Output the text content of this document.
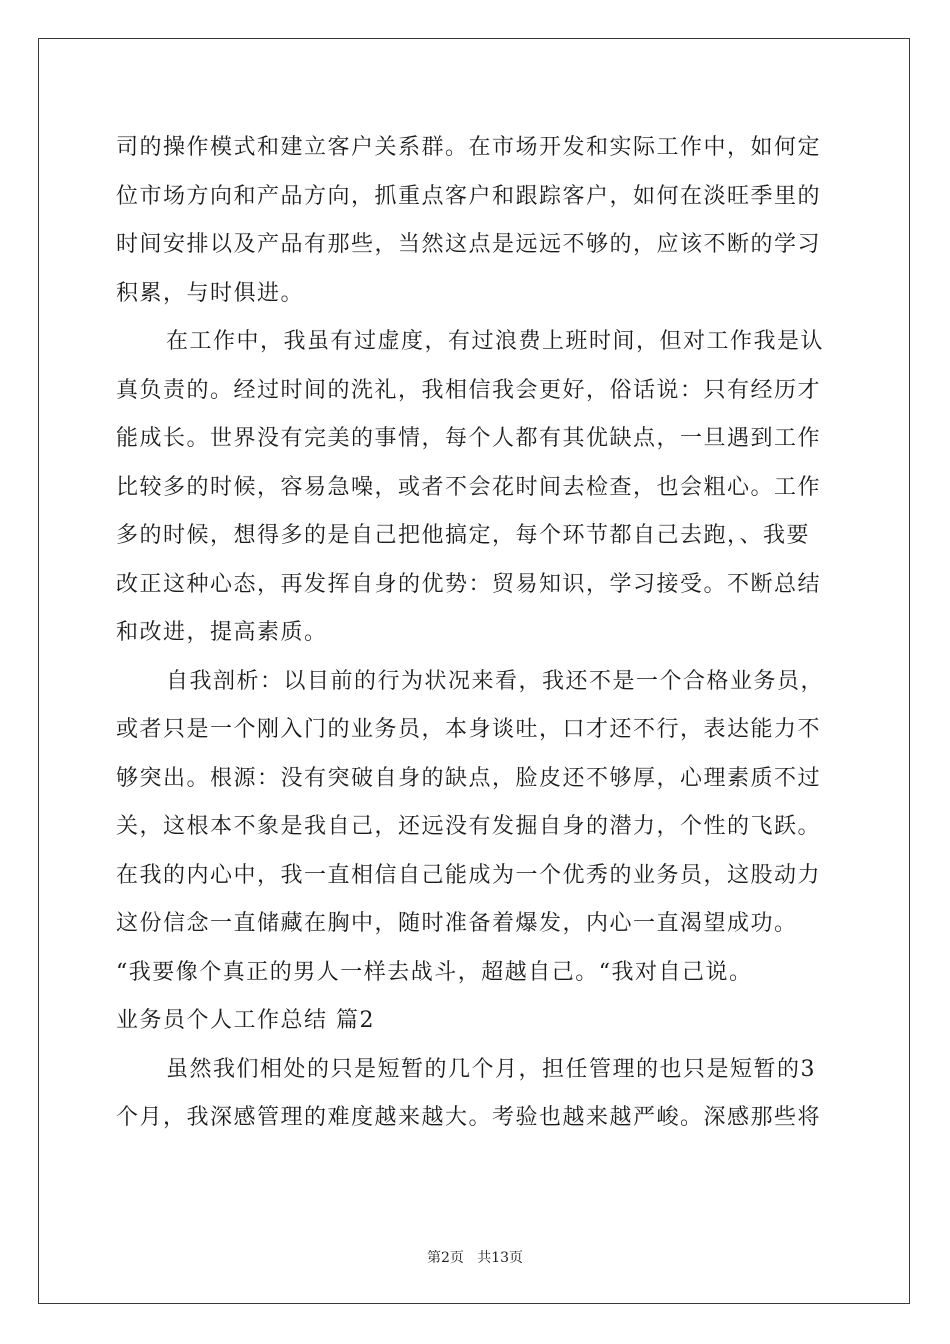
司的操作模式和建立客户关系群。在市场开发和实际工作中，如何定
位市场方向和产品方向，抓重点客户和跟踪客户，如何在淡旺季里的
时间安排以及产品有那些，当然这点是远远不够的，应该不断的学习
积累，与时俱进。
在工作中，我虽有过虚度，有过浪费上班时间，但对工作我是认
真负责的。经过时间的洗礼，我相信我会更好，俗话说：只有经历才
能成长。世界没有完美的事情，每个人都有其优缺点，一旦遇到工作
比较多的时候，容易急噪，或者不会花时间去检查，也会粗心。工作
多的时候，想得多的是自己把他搞定，每个环节都自己去跑，、我要
改正这种心态，再发挥自身的优势：贸易知识，学习接受。不断总结
和改进，提高素质。
自我剖析：以目前的行为状况来看，我还不是一个合格业务员，
或者只是一个刚入门的业务员，本身谈吐，口才还不行，表达能力不
够突出。根源：没有突破自身的缺点，脸皮还不够厚，心理素质不过
关，这根本不象是我自己，还远没有发掘自身的潜力，个性的飞跃。
在我的内心中，我一直相信自己能成为一个优秀的业务员，这股动力
这份信念一直储藏在胸中，随时准备着爆发，内心一直渴望成功。
“我要像个真正的男人一样去战斗，超越自己。“我对自己说。
业务员个人工作总结 篇2
虽然我们相处的只是短暂的几个月，担任管理的也只是短暂的3
个月，我深感管理的难度越来越大。考验也越来越严峻。深感那些将
第2页   共13页
